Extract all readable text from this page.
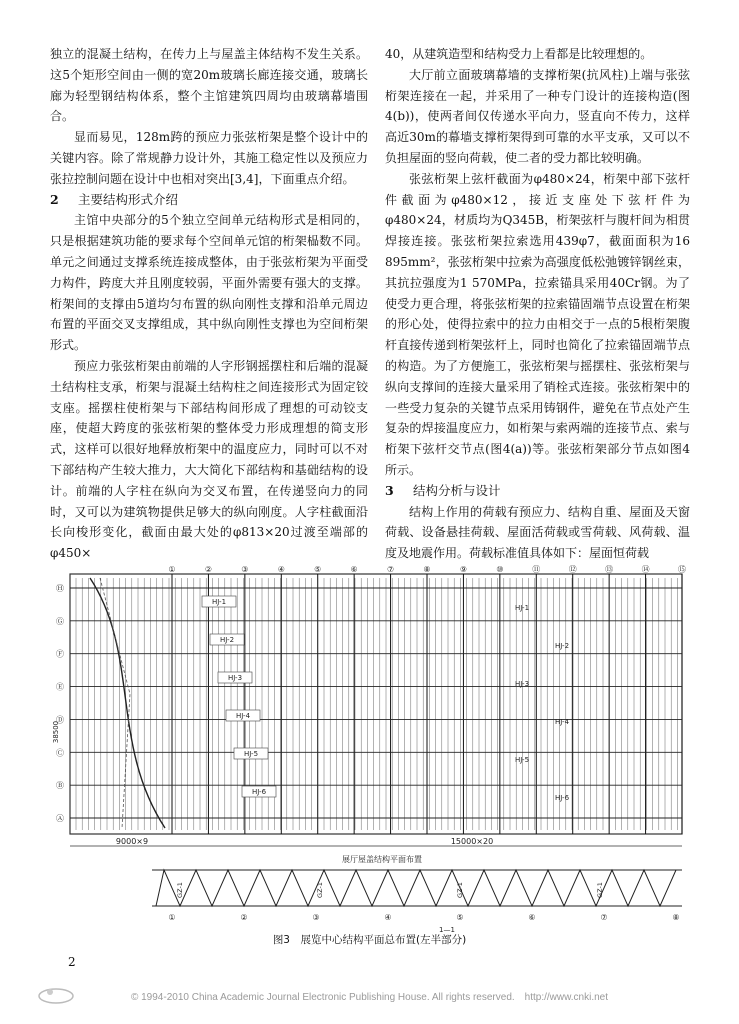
独立的混凝土结构，在传力上与屋盖主体结构不发生关系。这5个矩形空间由一侧的宽20m玻璃长廊连接交通，玻璃长廊为轻型钢结构体系，整个主馆建筑四周均由玻璃幕墙围合。

显而易见，128m跨的预应力张弦桁架是整个设计中的关键内容。除了常规静力设计外，其施工稳定性以及预应力张拉控制问题在设计中也相对突出[3,4]，下面重点介绍。

2 主要结构形式介绍

主馆中央部分的5个独立空间单元结构形式是相同的，只是根据建筑功能的要求每个空间单元馆的桁架榀数不同。单元之间通过支撑系统连接成整体，由于张弦桁架为平面受力构件，跨度大并且刚度较弱，平面外需要有强大的支撑。桁架间的支撑由5道均匀布置的纵向刚性支撑和沿单元周边布置的平面交叉支撑组成，其中纵向刚性支撑也为空间桁架形式。

预应力张弦桁架由前端的人字形钢摇摆柱和后端的混凝土结构柱支承，桁架与混凝土结构柱之间连接形式为固定铰支座。摇摆柱使桁架与下部结构间形成了理想的可动铰支座，使超大跨度的张弦桁架的整体受力形成理想的简支形式，这样可以很好地释放桁架中的温度应力，同时可以不对下部结构产生较大推力，大大简化下部结构和基础结构的设计。前端的人字柱在纵向为交叉布置，在传递竖向力的同时，又可以为建筑物提供足够大的纵向刚度。人字柱截面沿长向梭形变化，截面由最大处的φ813×20过渡至端部的φ450×

40，从建筑造型和结构受力上看都是比较理想的。

大厅前立面玻璃幕墙的支撑桁架(抗风柱)上端与张弦桁架连接在一起，并采用了一种专门设计的连接构造(图4(b))，使两者间仅传递水平向力，竖直向不传力，这样高近30m的幕墙支撑桁架得到可靠的水平支承，又可以不负担屋面的竖向荷载，使二者的受力都比较明确。

张弦桁架上弦杆截面为φ480×24，桁架中部下弦杆件截面为φ480×12，接近支座处下弦杆件为φ480×24，材质均为Q345B，桁架弦杆与腹杆间为相贯焊接连接。张弦桁架拉索选用439φ7，截面面积为16 895mm²，张弦桁架中拉索为高强度低松弛镀锌钢丝束，其抗拉强度为1 570MPa，拉索锚具采用40Cr钢。为了使受力更合理，将张弦桁架的拉索锚固端节点设置在桁架的形心处，使得拉索中的拉力由相交于一点的5根桁架腹杆直接传递到桁架弦杆上，同时也简化了拉索锚固端节点的构造。为了方便施工，张弦桁架与摇摆柱、张弦桁架与纵向支撑间的连接大量采用了销栓式连接。张弦桁架中的一些受力复杂的关键节点采用铸钢件，避免在节点处产生复杂的焊接温度应力，如桁架与索两端的连接节点、索与桁架下弦杆交节点(图4(a))等。张弦桁架部分节点如图4所示。

3 结构分析与设计

结构上作用的荷载有预应力、结构自重、屋面及天窗荷载、设备悬挂荷载、屋面活荷载或雪荷载、风荷载、温度及地震作用。荷载标准值具体如下：屋面恒荷载

①	②	③	④	⑤	⑥	⑦	⑧	⑨	⑩	⑪	⑫	⑬	⑭	⑮
Ⓗ
Ⓖ
Ⓕ
Ⓔ
Ⓓ
Ⓒ
Ⓑ
Ⓐ
HJ-1
HJ-1
HJ-2
HJ-2
HJ-3
HJ-3
HJ-4
HJ-4
HJ-5
HJ-5
HJ-6
HJ-6
9000×9	15000×20
38500
展厅屋盖结构平面布置
GZ-1	GZ-1	GZ-1	GZ-1
①	②	③	④	⑤	⑥	⑦	⑧
1—1
图3　展览中心结构平面总布置(左半部分)
2
© 1994-2010 China Academic Journal Electronic Publishing House. All rights reserved.　http://www.cnki.net
